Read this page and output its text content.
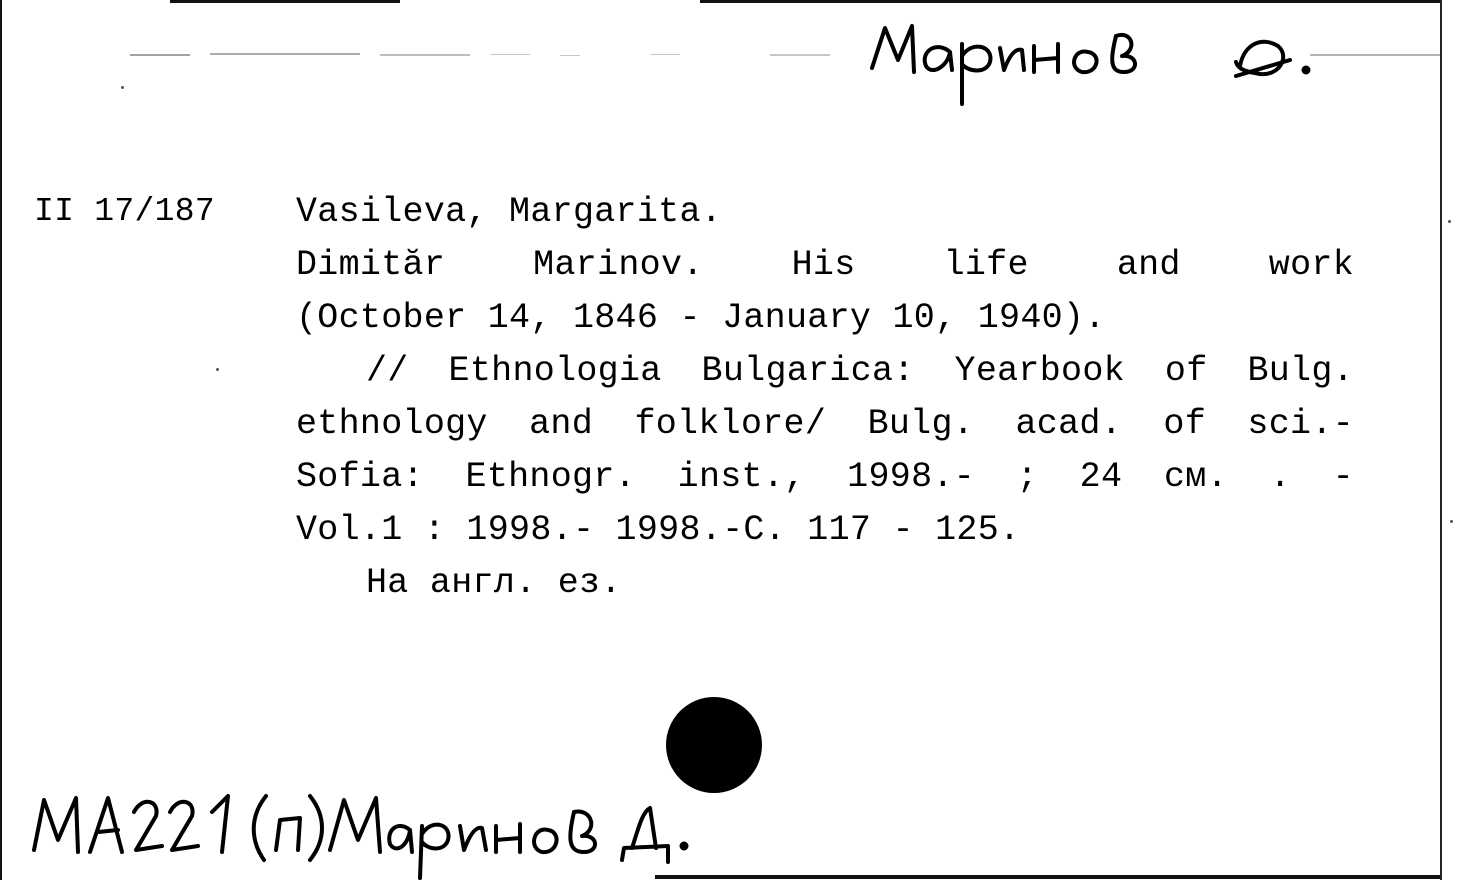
II 17/187 Vasileva, Margarita.
Dimităr	Marinov.	His	life	and	work
(October 14, 1846 - January 10, 1940).
// Ethnologia Bulgarica: Yearbook of Bulg.
ethnology and folklore/ Bulg. acad. of sci.-
Sofia: Ethnogr. inst., 1998.- ; 24 см. . -
Vol.1 : 1998.- 1998.-С. 117 - 125.
На англ. ез.
